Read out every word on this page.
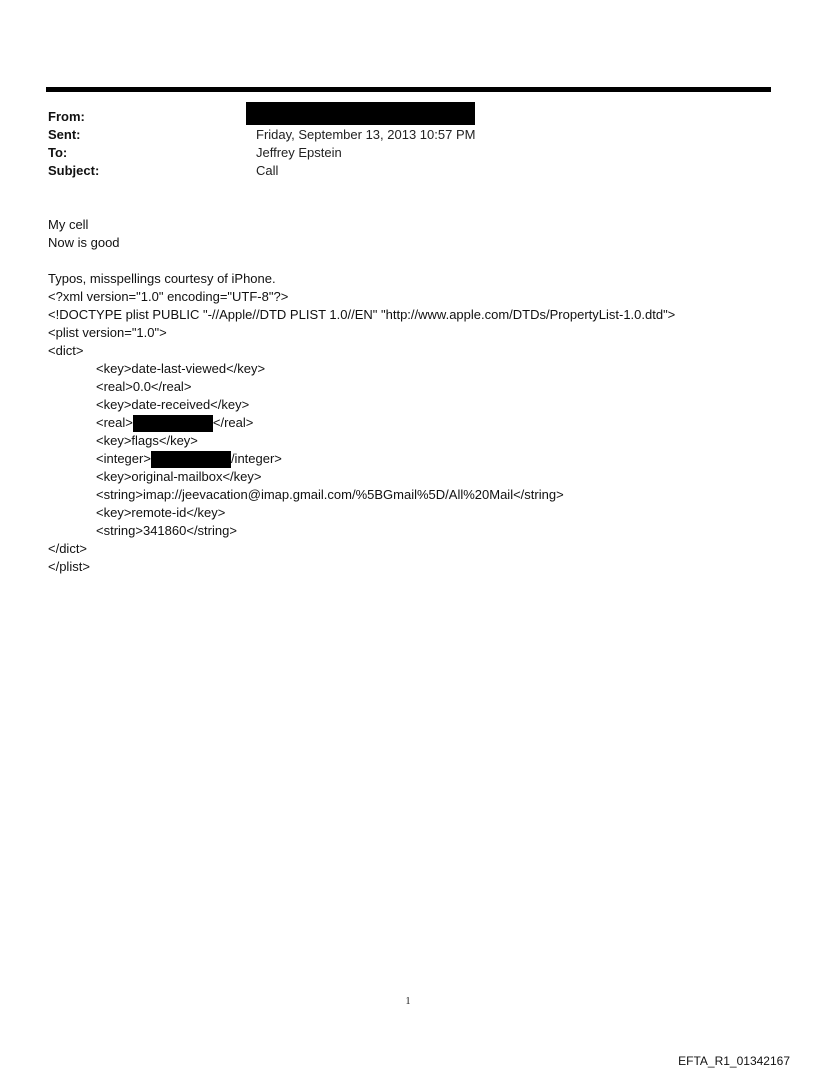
From:
Sent:	Friday, September 13, 2013 10:57 PM
To:	Jeffrey Epstein
Subject:	Call
My cell
Now is good
Typos, misspellings courtesy of iPhone.
<?xml version="1.0" encoding="UTF-8"?>
<!DOCTYPE plist PUBLIC "-//Apple//DTD PLIST 1.0//EN" "http://www.apple.com/DTDs/PropertyList-1.0.dtd">
<plist version="1.0">
<dict>
<key>date-last-viewed</key>
<real>0.0</real>
<key>date-received</key>
<real>	</real>
<key>flags</key>
<integer>	/integer>
<key>original-mailbox</key>
<string>imap://jeevacation@imap.gmail.com/%5BGmail%5D/All%20Mail</string>
<key>remote-id</key>
<string>341860</string>
</dict>
</plist>
1
EFTA_R1_01342167
